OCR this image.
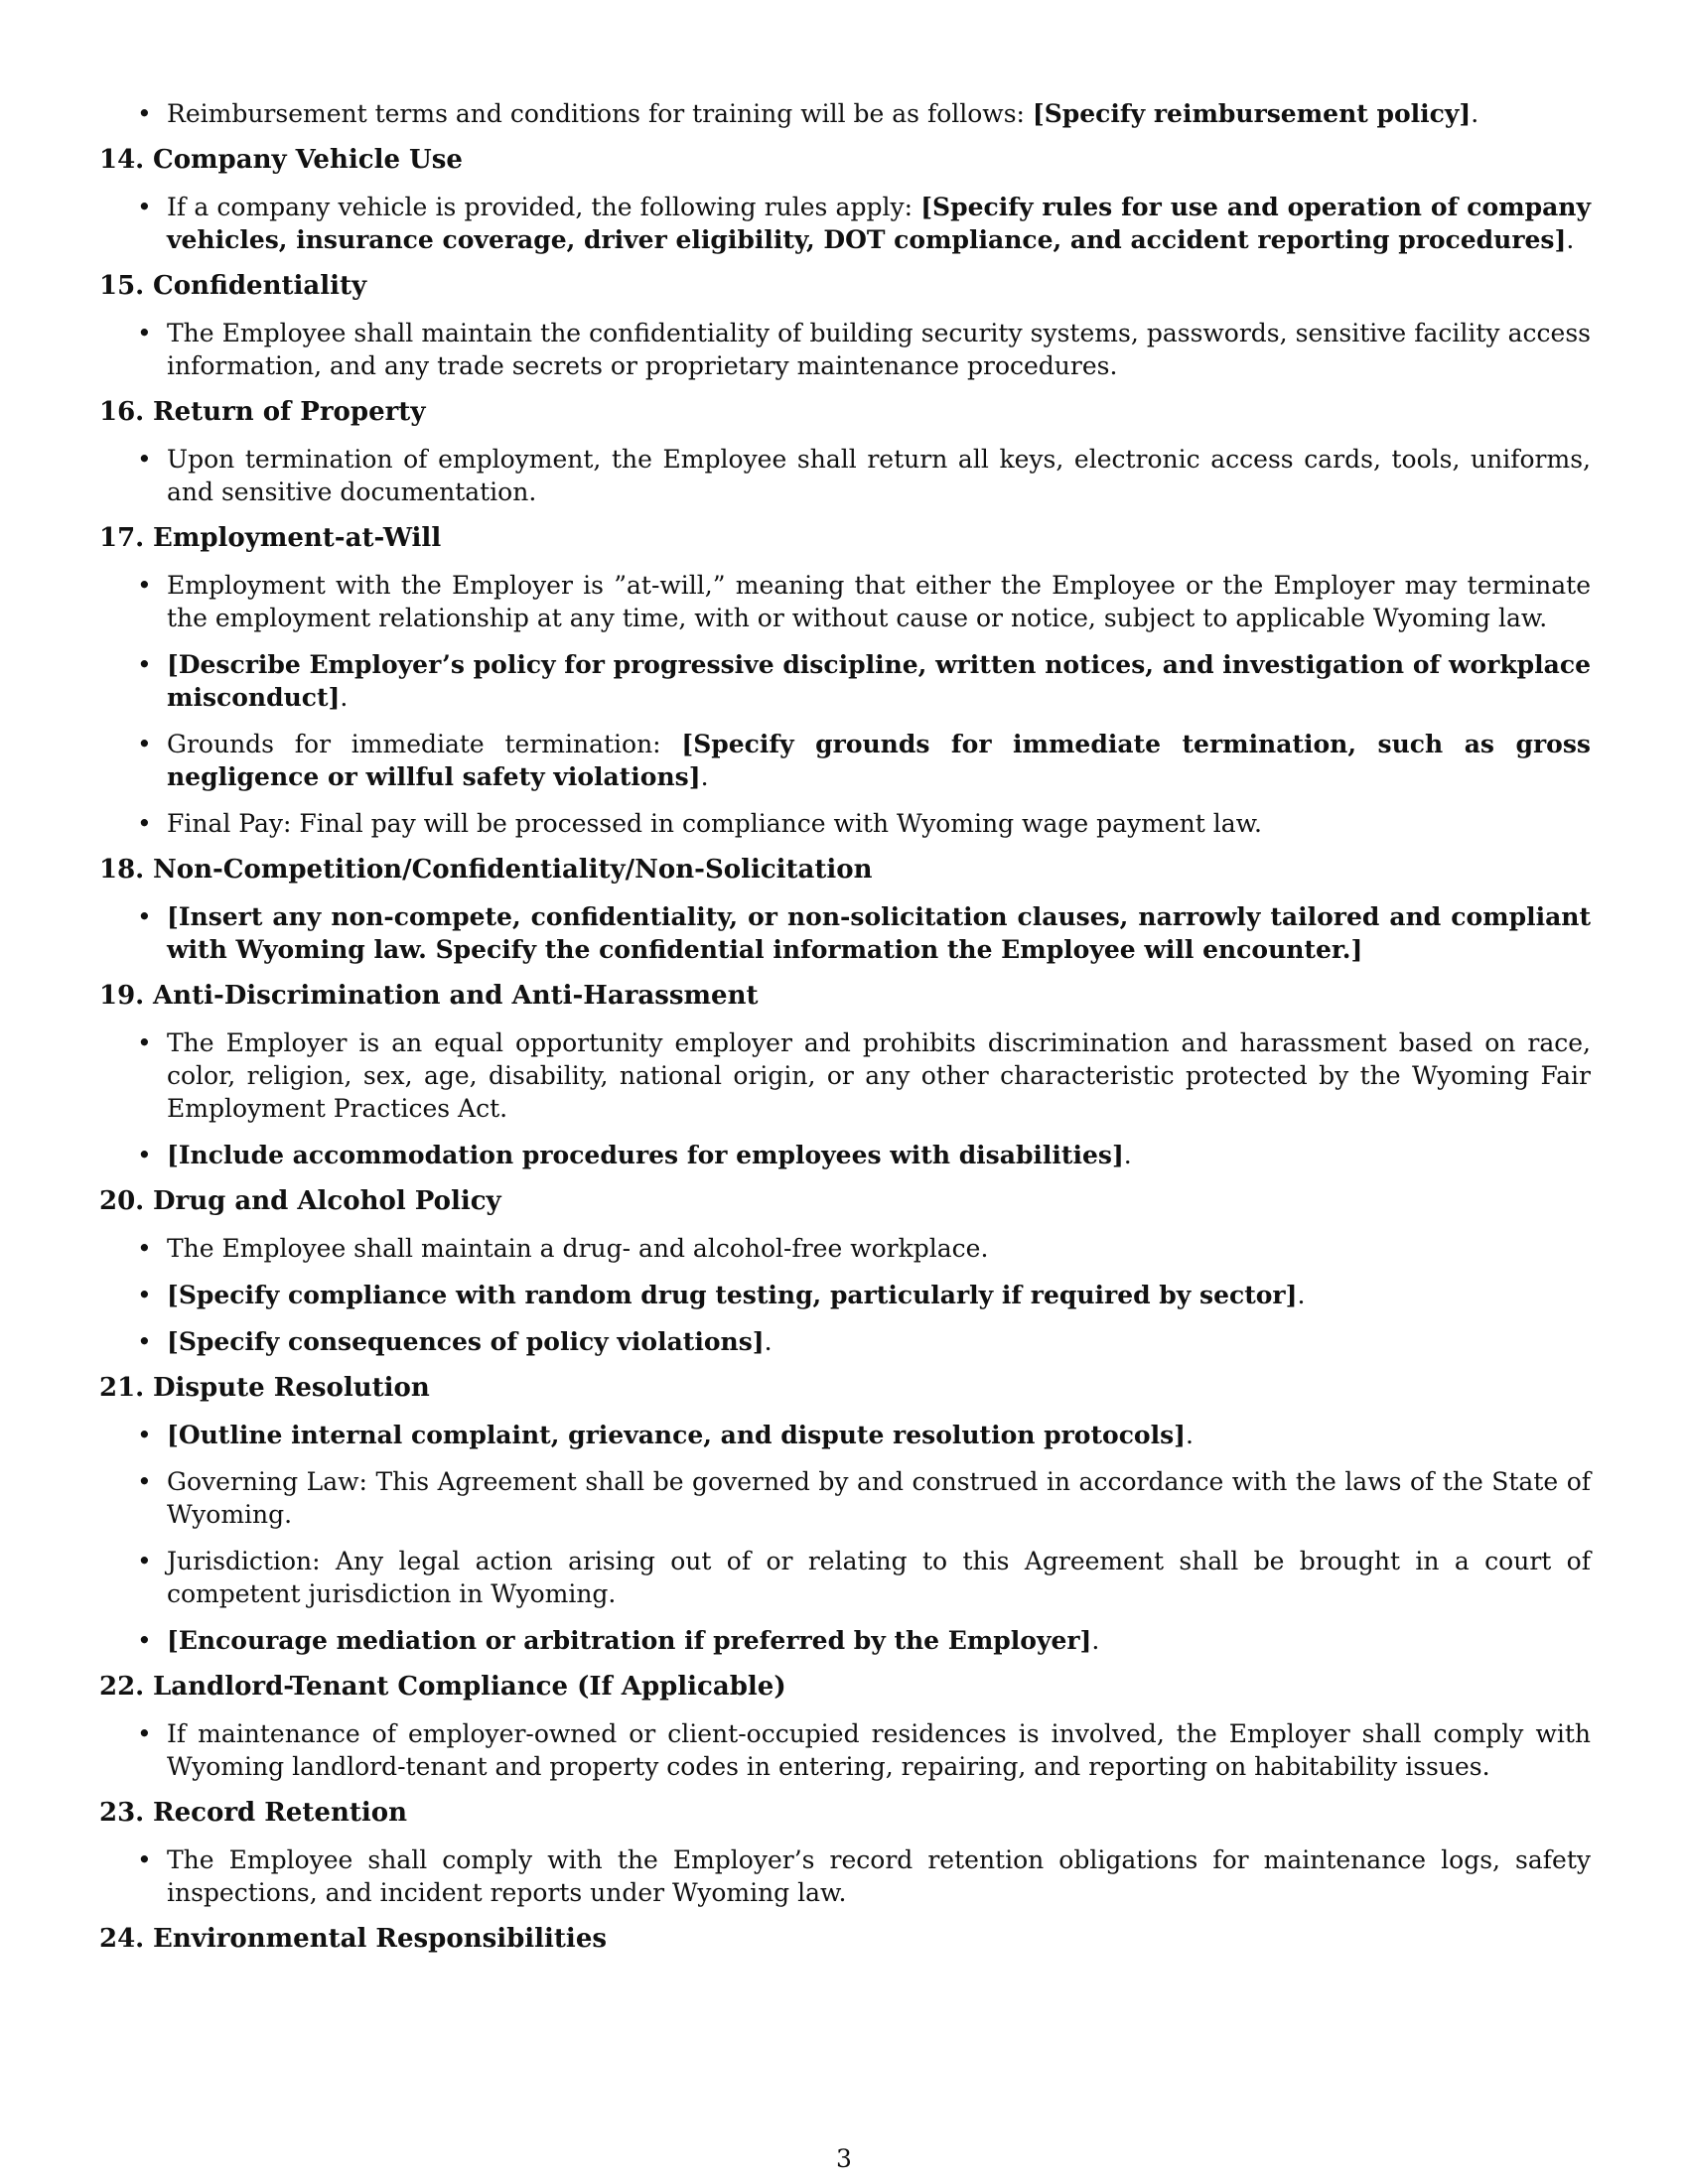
• Reimbursement terms and conditions for training will be as follows: [Specify reimbursement policy].
14. Company Vehicle Use
• If a company vehicle is provided, the following rules apply: [Specify rules for use and operation of company vehicles, insurance coverage, driver eligibility, DOT compliance, and accident reporting procedures].
15. Confidentiality
• The Employee shall maintain the confidentiality of building security systems, passwords, sensitive facility access information, and any trade secrets or proprietary maintenance procedures.
16. Return of Property
• Upon termination of employment, the Employee shall return all keys, electronic access cards, tools, uniforms, and sensitive documentation.
17. Employment-at-Will
• Employment with the Employer is ”at-will,” meaning that either the Employee or the Employer may terminate the employment relationship at any time, with or without cause or notice, subject to applicable Wyoming law.
• [Describe Employer’s policy for progressive discipline, written notices, and investigation of workplace misconduct].
• Grounds for immediate termination: [Specify grounds for immediate termination, such as gross negligence or willful safety violations].
• Final Pay: Final pay will be processed in compliance with Wyoming wage payment law.
18. Non-Competition/Confidentiality/Non-Solicitation
• [Insert any non-compete, confidentiality, or non-solicitation clauses, narrowly tailored and compliant with Wyoming law. Specify the confidential information the Employee will encounter.]
19. Anti-Discrimination and Anti-Harassment
• The Employer is an equal opportunity employer and prohibits discrimination and harassment based on race, color, religion, sex, age, disability, national origin, or any other characteristic protected by the Wyoming Fair Employment Practices Act.
• [Include accommodation procedures for employees with disabilities].
20. Drug and Alcohol Policy
• The Employee shall maintain a drug- and alcohol-free workplace.
• [Specify compliance with random drug testing, particularly if required by sector].
• [Specify consequences of policy violations].
21. Dispute Resolution
• [Outline internal complaint, grievance, and dispute resolution protocols].
• Governing Law: This Agreement shall be governed by and construed in accordance with the laws of the State of Wyoming.
• Jurisdiction: Any legal action arising out of or relating to this Agreement shall be brought in a court of competent jurisdiction in Wyoming.
• [Encourage mediation or arbitration if preferred by the Employer].
22. Landlord-Tenant Compliance (If Applicable)
• If maintenance of employer-owned or client-occupied residences is involved, the Employer shall comply with Wyoming landlord-tenant and property codes in entering, repairing, and reporting on habitability issues.
23. Record Retention
• The Employee shall comply with the Employer’s record retention obligations for maintenance logs, safety inspections, and incident reports under Wyoming law.
24. Environmental Responsibilities
3
